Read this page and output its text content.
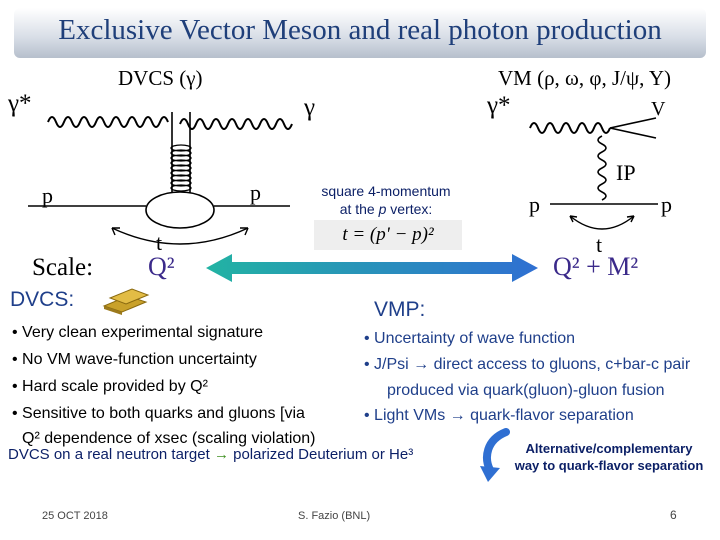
Exclusive Vector Meson and real photon production
DVCS (γ)
γ*	γ
p	p
t
VM (ρ, ω, φ, J/ψ, Υ)
γ*	V
IP
p	p
t
square 4-momentum
at the p vertex:
t = (p' − p)²
Scale: Q²	Q² + M²
DVCS:
• Very clean experimental signature
• No VM wave-function uncertainty
• Hard scale provided by Q²
• Sensitive to both quarks and gluons [via
Q² dependence of xsec (scaling violation)
VMP:
• Uncertainty of wave function
• J/Psi → direct access to gluons, c+bar-c pair
produced via quark(gluon)-gluon fusion
• Light VMs → quark-flavor separation
Alternative/complementary
way to quark-flavor separation
DVCS on a real neutron target → polarized Deuterium or He³
25 OCT 2018	S. Fazio (BNL)	6
